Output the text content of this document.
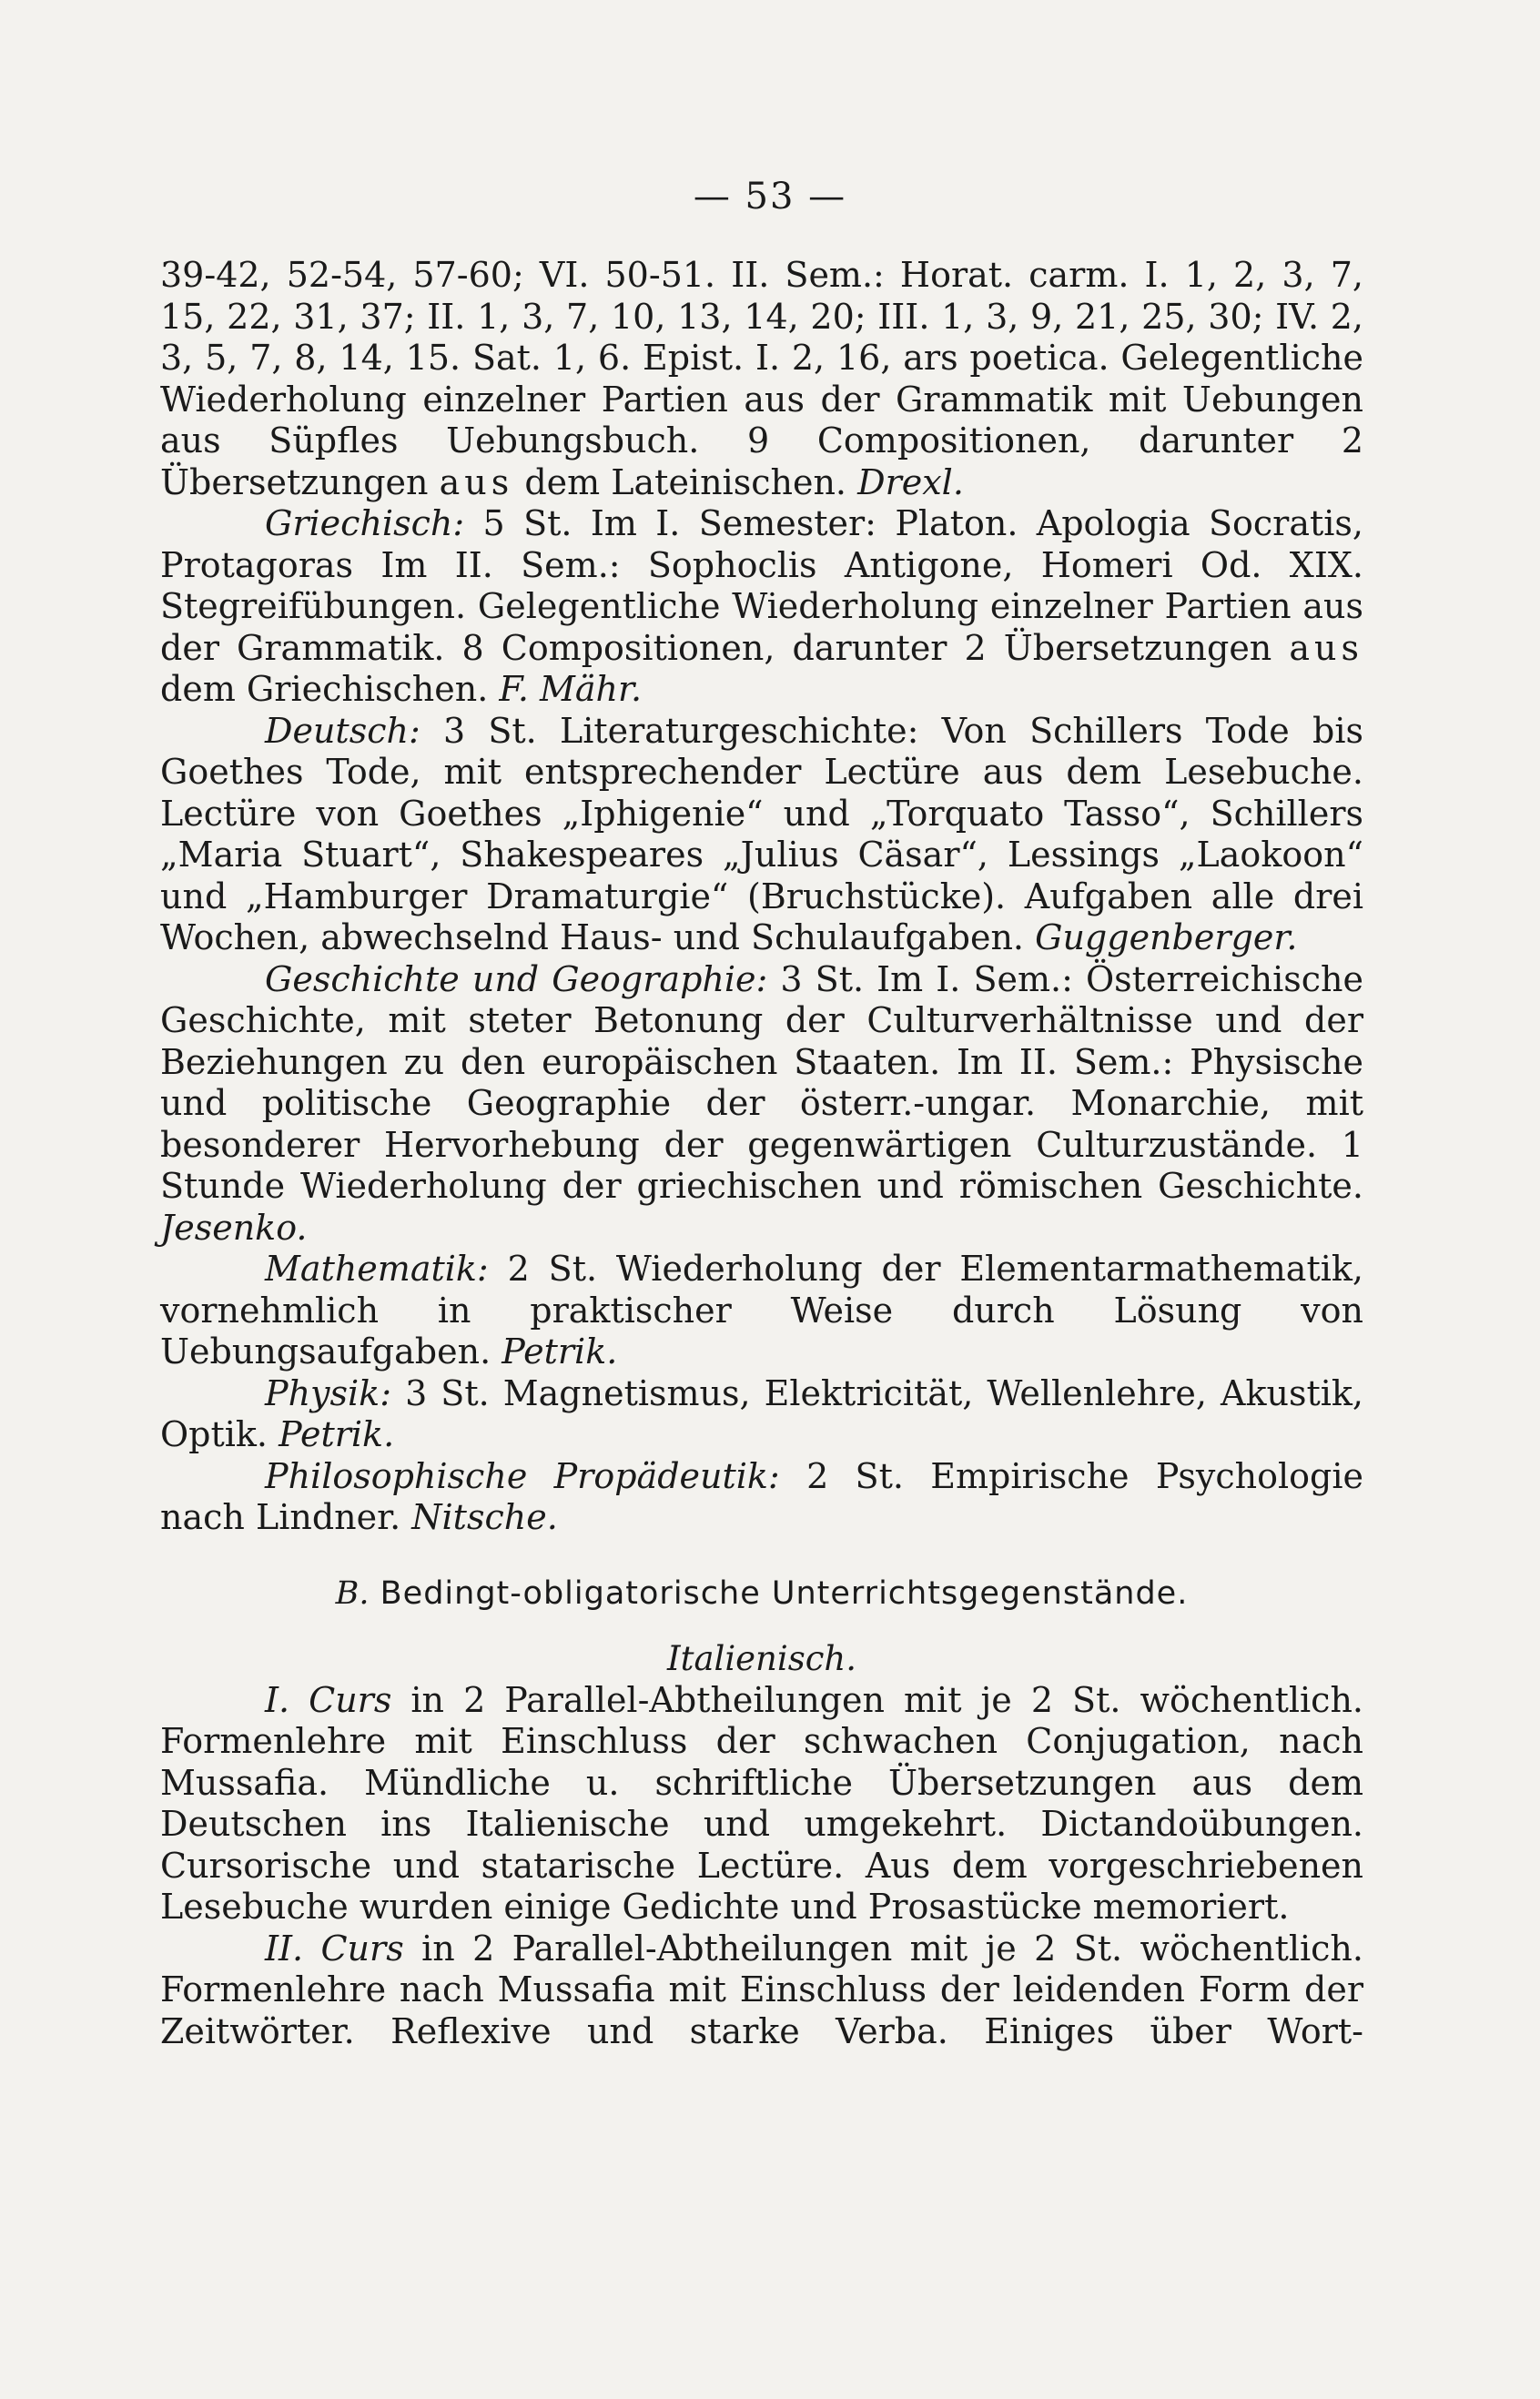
— 53 —

39-42, 52-54, 57-60; VI. 50-51. II. Sem.: Horat. carm. I. 1, 2, 3, 7, 15, 22, 31, 37; II. 1, 3, 7, 10, 13, 14, 20; III. 1, 3, 9, 21, 25, 30; IV. 2, 3, 5, 7, 8, 14, 15. Sat. 1, 6. Epist. I. 2, 16, ars poetica. Gelegentliche Wiederholung einzelner Partien aus der Grammatik mit Uebungen aus Süpfles Uebungsbuch. 9 Compositionen, darunter 2 Übersetzungen aus dem Lateinischen. Drexl.

Griechisch: 5 St. Im I. Semester: Platon. Apologia Socratis, Protagoras Im II. Sem.: Sophoclis Antigone, Homeri Od. XIX. Stegreifübungen. Gelegentliche Wiederholung einzelner Partien aus der Grammatik. 8 Compositionen, darunter 2 Übersetzungen aus dem Griechischen. F. Mähr.

Deutsch: 3 St. Literaturgeschichte: Von Schillers Tode bis Goethes Tode, mit entsprechender Lectüre aus dem Lesebuche. Lectüre von Goethes „Iphigenie“ und „Torquato Tasso“, Schillers „Maria Stuart“, Shakespeares „Julius Cäsar“, Lessings „Laokoon“ und „Hamburger Dramaturgie“ (Bruchstücke). Aufgaben alle drei Wochen, abwechselnd Haus- und Schulaufgaben. Guggenberger.

Geschichte und Geographie: 3 St. Im I. Sem.: Österreichische Geschichte, mit steter Betonung der Culturverhältnisse und der Beziehungen zu den europäischen Staaten. Im II. Sem.: Physische und politische Geographie der österr.-ungar. Monarchie, mit besonderer Hervorhebung der gegenwärtigen Culturzustände. 1 Stunde Wiederholung der griechischen und römischen Geschichte. Jesenko.

Mathematik: 2 St. Wiederholung der Elementarmathematik, vornehmlich in praktischer Weise durch Lösung von Uebungsaufgaben. Petrik.

Physik: 3 St. Magnetismus, Elektricität, Wellenlehre, Akustik, Optik. Petrik.

Philosophische Propädeutik: 2 St. Empirische Psychologie nach Lindner. Nitsche.

B. Bedingt-obligatorische Unterrichtsgegenstände.
Italienisch.

I. Curs in 2 Parallel-Abtheilungen mit je 2 St. wöchentlich. Formenlehre mit Einschluss der schwachen Conjugation, nach Mussafia. Mündliche u. schriftliche Übersetzungen aus dem Deutschen ins Italienische und umgekehrt. Dictandoübungen. Cursorische und statarische Lectüre. Aus dem vorgeschriebenen Lesebuche wurden einige Gedichte und Prosastücke memoriert.

II. Curs in 2 Parallel-Abtheilungen mit je 2 St. wöchentlich. Formenlehre nach Mussafia mit Einschluss der leidenden Form der Zeitwörter. Reflexive und starke Verba. Einiges über Wort-
